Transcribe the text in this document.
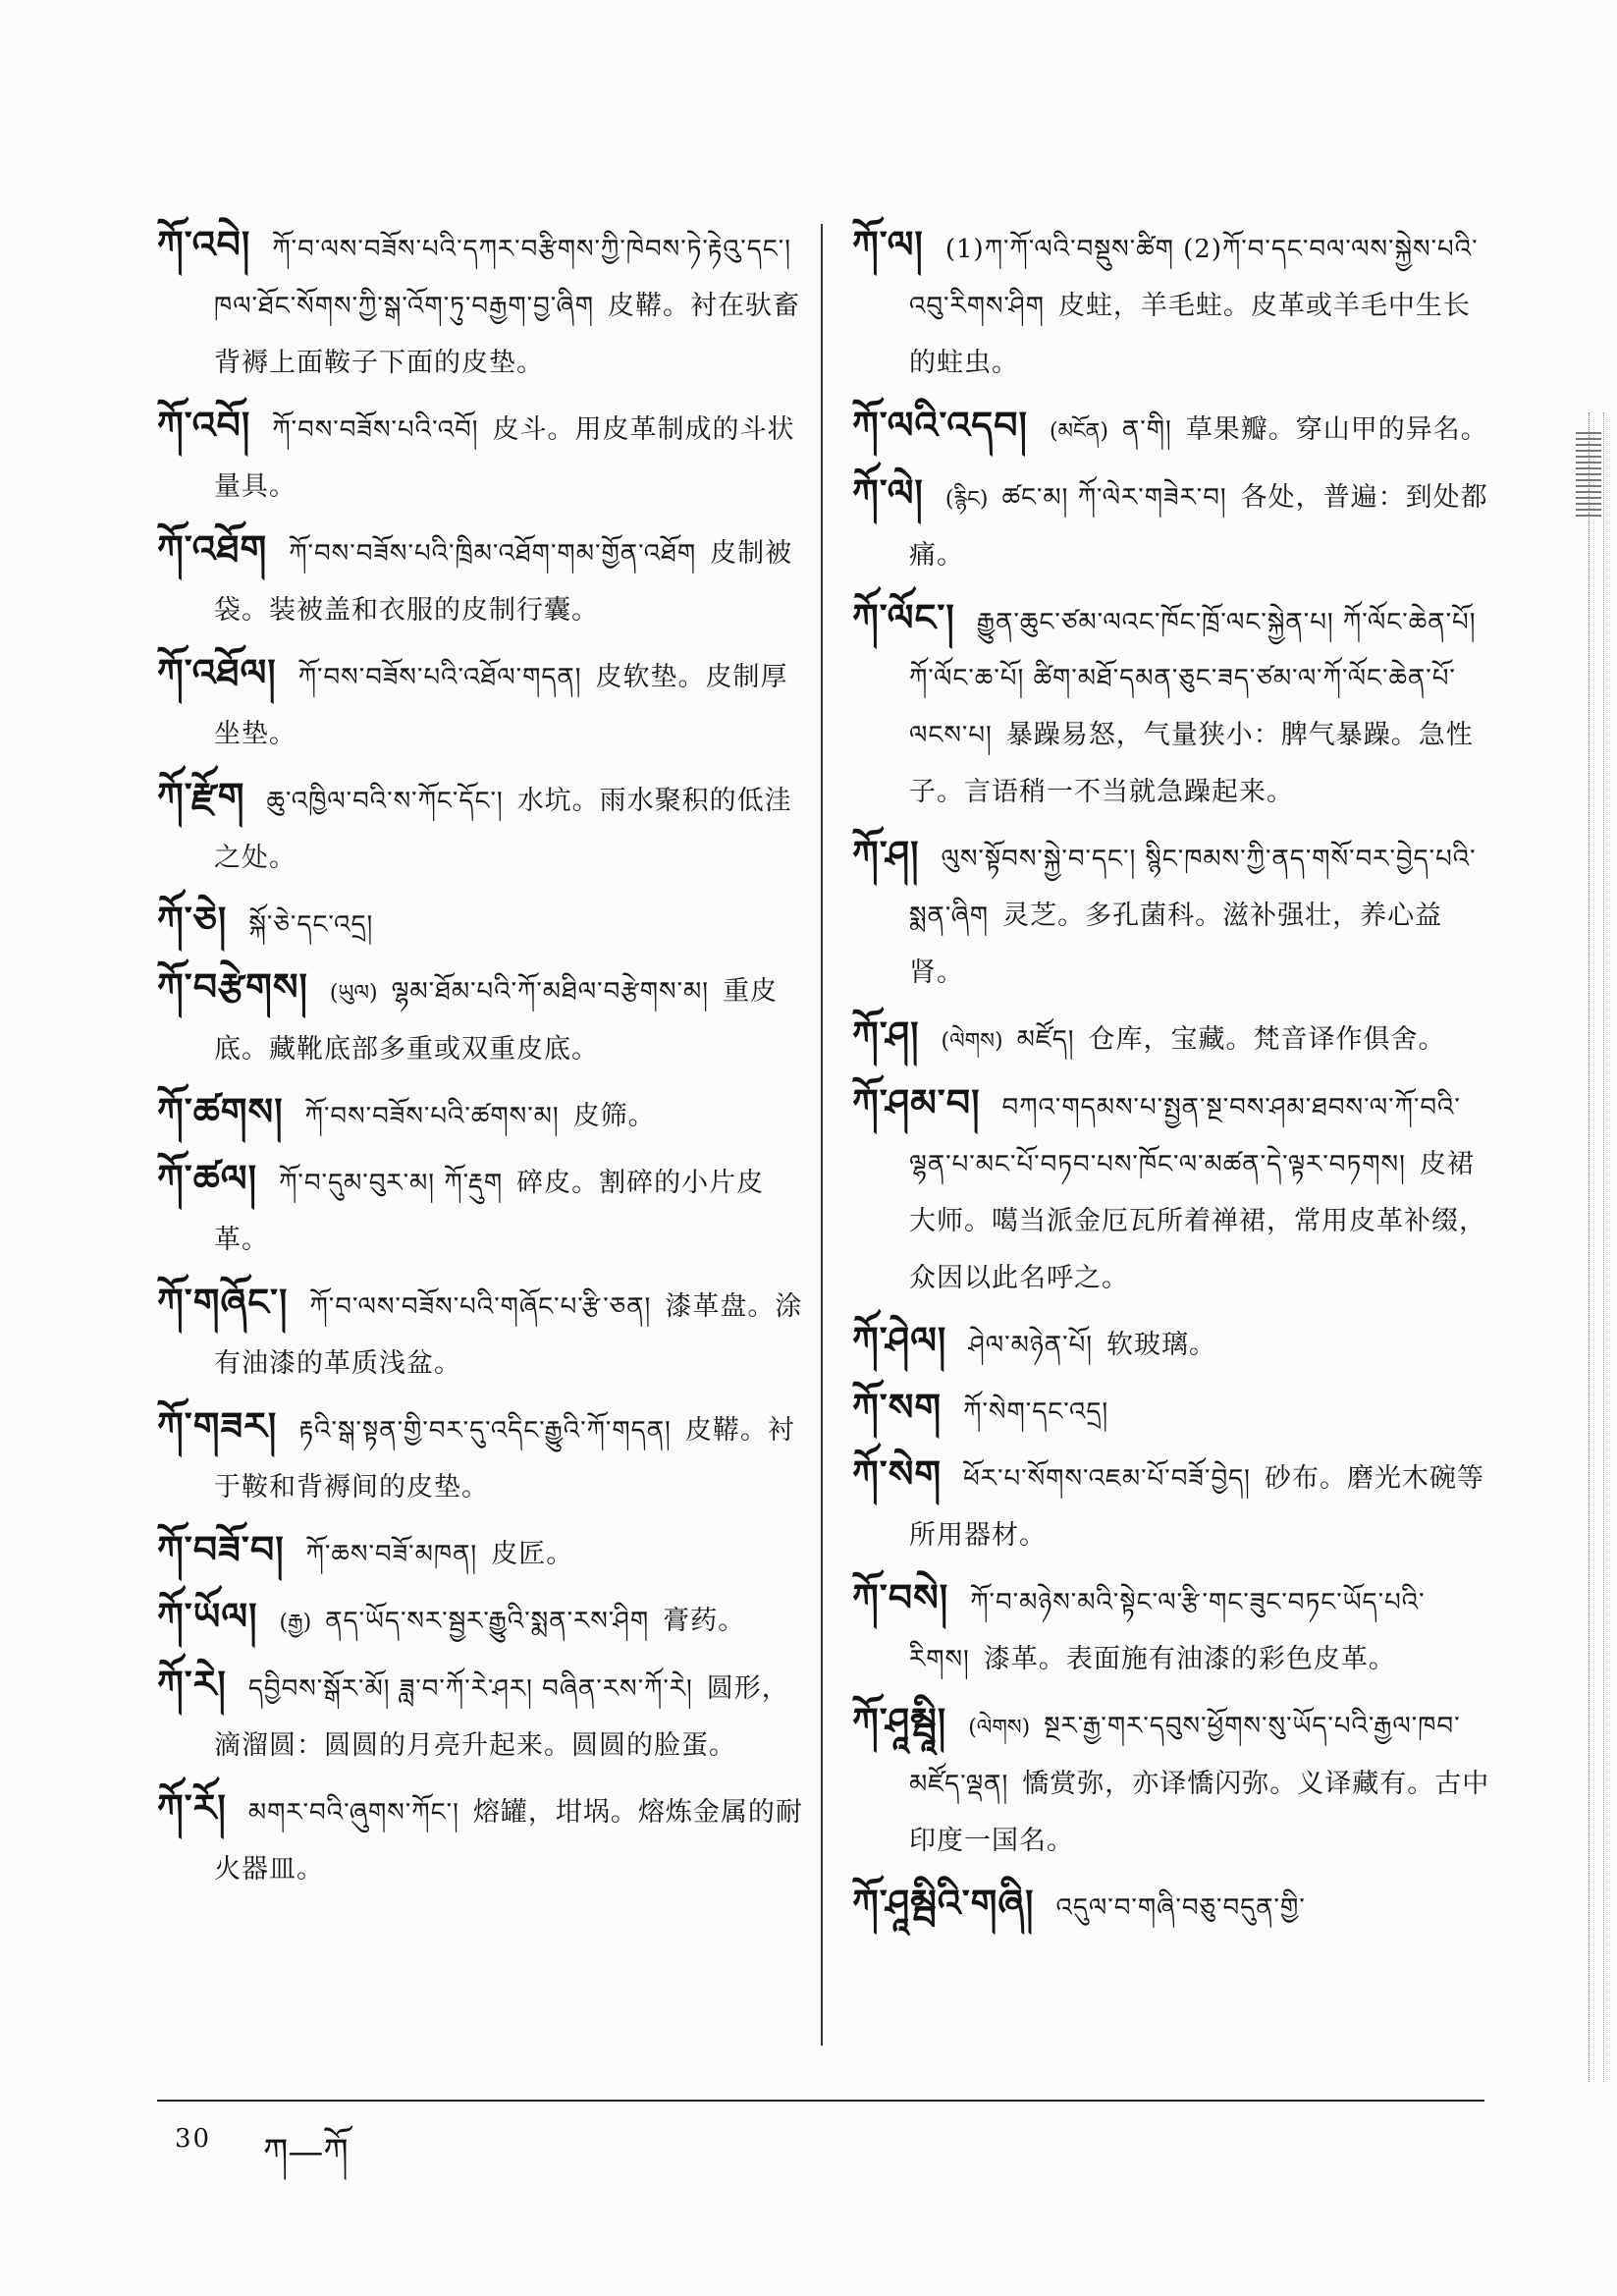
ཀོ་འབེ། ཀོ་བ་ལས་བཟོས་པའི་དཀར་བརྩིགས་ཀྱི་ཁེབས་ཏེ་རྟེའུ་དང་། ཁལ་ཐོང་སོགས་ཀྱི་སྒ་འོག་ཏུ་བརྒྱག་བྱ་ཞིག 皮鞯。衬在驮畜背褥上面鞍子下面的皮垫。
ཀོ་འབོ། ཀོ་བས་བཟོས་པའི་འབོ། 皮斗。用皮革制成的斗状量具。
ཀོ་འཐོག ཀོ་བས་བཟོས་པའི་ཁྲིམ་འཐོག་གམ་གྱོན་འཐོག 皮制被袋。装被盖和衣服的皮制行囊。
ཀོ་འཐོལ། ཀོ་བས་བཟོས་པའི་འཐོལ་གདན། 皮软垫。皮制厚坐垫。
ཀོ་རྫོག ཆུ་འཁྱིལ་བའི་ས་ཀོང་དོང་། 水坑。雨水聚积的低洼之处。
ཀོ་ཅེ། སྐོ་ཅེ་དང་འདྲ།
ཀོ་བརྩེགས། (ཡུལ) ལྷམ་ཐོམ་པའི་ཀོ་མཐིལ་བརྩེགས་མ། 重皮底。藏靴底部多重或双重皮底。
ཀོ་ཚགས། ཀོ་བས་བཟོས་པའི་ཚགས་མ། 皮筛。
ཀོ་ཚལ། ཀོ་བ་དུམ་བུར་མ། ཀོ་རྡུག 碎皮。割碎的小片皮革。
ཀོ་གཞོང་། ཀོ་བ་ལས་བཟོས་པའི་གཞོང་པ་རྩི་ཅན། 漆革盘。涂有油漆的革质浅盆。
ཀོ་གཟར། རྟའི་སྒ་སྟན་གྱི་བར་དུ་འདིང་རྒྱུའི་ཀོ་གདན། 皮鞯。衬于鞍和背褥间的皮垫。
ཀོ་བཟོ་བ། ཀོ་ཆས་བཟོ་མཁན། 皮匠。
ཀོ་ཡོལ། (རྒྱ) ནད་ཡོད་སར་སྦྱར་རྒྱུའི་སྨན་རས་ཤིག 膏药。
ཀོ་རེ། དབྱིབས་སྒོར་མོ། ཟླ་བ་ཀོ་རེ་ཤར། བཞིན་རས་ཀོ་རེ། 圆形，滴溜圆：圆圆的月亮升起来。圆圆的脸蛋。
ཀོ་རོ། མགར་བའི་ཞུགས་ཀོང་། 熔罐，坩埚。熔炼金属的耐火器皿。
ཀོ་ལ། (1)ཀ་ཀོ་ལའི་བསྡུས་ཚིག (2)ཀོ་བ་དང་བལ་ལས་སྐྱེས་པའི་འབུ་རིགས་ཤིག 皮蛀，羊毛蛀。皮革或羊毛中生长的蛀虫。
ཀོ་ལའི་འདབ། (མངོན) ན་གི། 草果瓣。穿山甲的异名。
ཀོ་ལེ། (རྙིང) ཚང་མ། ཀོ་ལེར་གཟེར་བ། 各处，普遍：到处都痛。
ཀོ་ལོང་། རྒྱུན་ཆུང་ཙམ་ལའང་ཁོང་ཁྲོ་ལང་སྐྱེན་པ། ཀོ་ལོང་ཆེན་པོ། ཀོ་ལོང་ཆ་པོ། ཚིག་མཐོ་དམན་ཅུང་ཟད་ཙམ་ལ་ཀོ་ལོང་ཆེན་པོ་ལངས་པ། 暴躁易怒，气量狭小：脾气暴躁。急性子。言语稍一不当就急躁起来。
ཀོ་ཤ། ལུས་སྟོབས་སྐྱེ་བ་དང་། སྙིང་ཁམས་ཀྱི་ནད་གསོ་བར་བྱེད་པའི་སྨན་ཞིག 灵芝。多孔菌科。滋补强壮，养心益肾。
ཀོ་ཤ། (ལེགས) མཛོད། 仓库，宝藏。梵音译作俱舍。
ཀོ་ཤམ་བ། བཀའ་གདམས་པ་སྤྱན་སྔ་བས་ཤམ་ཐབས་ལ་ཀོ་བའི་ལྷན་པ་མང་པོ་བཏབ་པས་ཁོང་ལ་མཚན་དེ་ལྟར་བཏགས། 皮裙大师。噶当派金厄瓦所着禅裙，常用皮革补缀，众因以此名呼之。
ཀོ་ཤེལ། ཤེལ་མཉེན་པོ། 软玻璃。
ཀོ་སག ཀོ་སེག་དང་འདྲ།
ཀོ་སེག ཕོར་པ་སོགས་འཇམ་པོ་བཟོ་བྱེད། 砂布。磨光木碗等所用器材。
ཀོ་བསེ། ཀོ་བ་མཉེས་མའི་སྟེང་ལ་རྩི་གང་ཟུང་བཏང་ཡོད་པའི་རིགས། 漆革。表面施有油漆的彩色皮革。
ཀོ་ཤཱམྦཱི། (ལེགས) སྔར་རྒྱ་གར་དབུས་ཕྱོགས་སུ་ཡོད་པའི་རྒྱལ་ཁབ་མཛོད་ལྡན། 憍赏弥，亦译憍闪弥。义译藏有。古中印度一国名。
ཀོ་ཤཱམྦིའི་གཞི། འདུལ་བ་གཞི་བཅུ་བདུན་གྱི་
30 ཀ—ཀོ
